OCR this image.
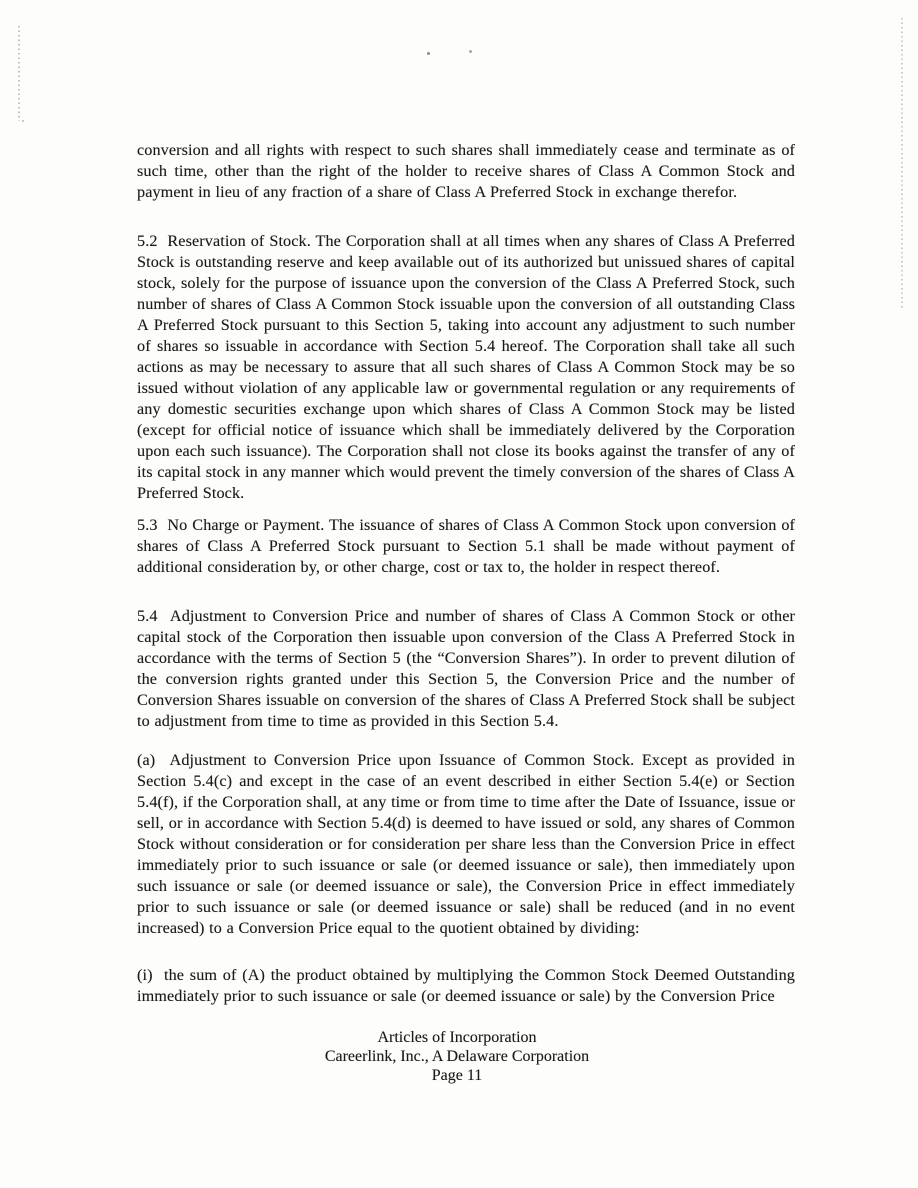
conversion and all rights with respect to such shares shall immediately cease and terminate as of such time, other than the right of the holder to receive shares of Class A Common Stock and payment in lieu of any fraction of a share of Class A Preferred Stock in exchange therefor.

5.2  Reservation of Stock. The Corporation shall at all times when any shares of Class A Preferred Stock is outstanding reserve and keep available out of its authorized but unissued shares of capital stock, solely for the purpose of issuance upon the conversion of the Class A Preferred Stock, such number of shares of Class A Common Stock issuable upon the conversion of all outstanding Class A Preferred Stock pursuant to this Section 5, taking into account any adjustment to such number of shares so issuable in accordance with Section 5.4 hereof. The Corporation shall take all such actions as may be necessary to assure that all such shares of Class A Common Stock may be so issued without violation of any applicable law or governmental regulation or any requirements of any domestic securities exchange upon which shares of Class A Common Stock may be listed (except for official notice of issuance which shall be immediately delivered by the Corporation upon each such issuance). The Corporation shall not close its books against the transfer of any of its capital stock in any manner which would prevent the timely conversion of the shares of Class A Preferred Stock.

5.3  No Charge or Payment. The issuance of shares of Class A Common Stock upon conversion of shares of Class A Preferred Stock pursuant to Section 5.1 shall be made without payment of additional consideration by, or other charge, cost or tax to, the holder in respect thereof.

5.4  Adjustment to Conversion Price and number of shares of Class A Common Stock or other capital stock of the Corporation then issuable upon conversion of the Class A Preferred Stock in accordance with the terms of Section 5 (the “Conversion Shares”). In order to prevent dilution of the conversion rights granted under this Section 5, the Conversion Price and the number of Conversion Shares issuable on conversion of the shares of Class A Preferred Stock shall be subject to adjustment from time to time as provided in this Section 5.4.

(a)  Adjustment to Conversion Price upon Issuance of Common Stock. Except as provided in Section 5.4(c) and except in the case of an event described in either Section 5.4(e) or Section 5.4(f), if the Corporation shall, at any time or from time to time after the Date of Issuance, issue or sell, or in accordance with Section 5.4(d) is deemed to have issued or sold, any shares of Common Stock without consideration or for consideration per share less than the Conversion Price in effect immediately prior to such issuance or sale (or deemed issuance or sale), then immediately upon such issuance or sale (or deemed issuance or sale), the Conversion Price in effect immediately prior to such issuance or sale (or deemed issuance or sale) shall be reduced (and in no event increased) to a Conversion Price equal to the quotient obtained by dividing:

(i)  the sum of (A) the product obtained by multiplying the Common Stock Deemed Outstanding immediately prior to such issuance or sale (or deemed issuance or sale) by the Conversion Price

Articles of Incorporation
Careerlink, Inc., A Delaware Corporation
Page 11
